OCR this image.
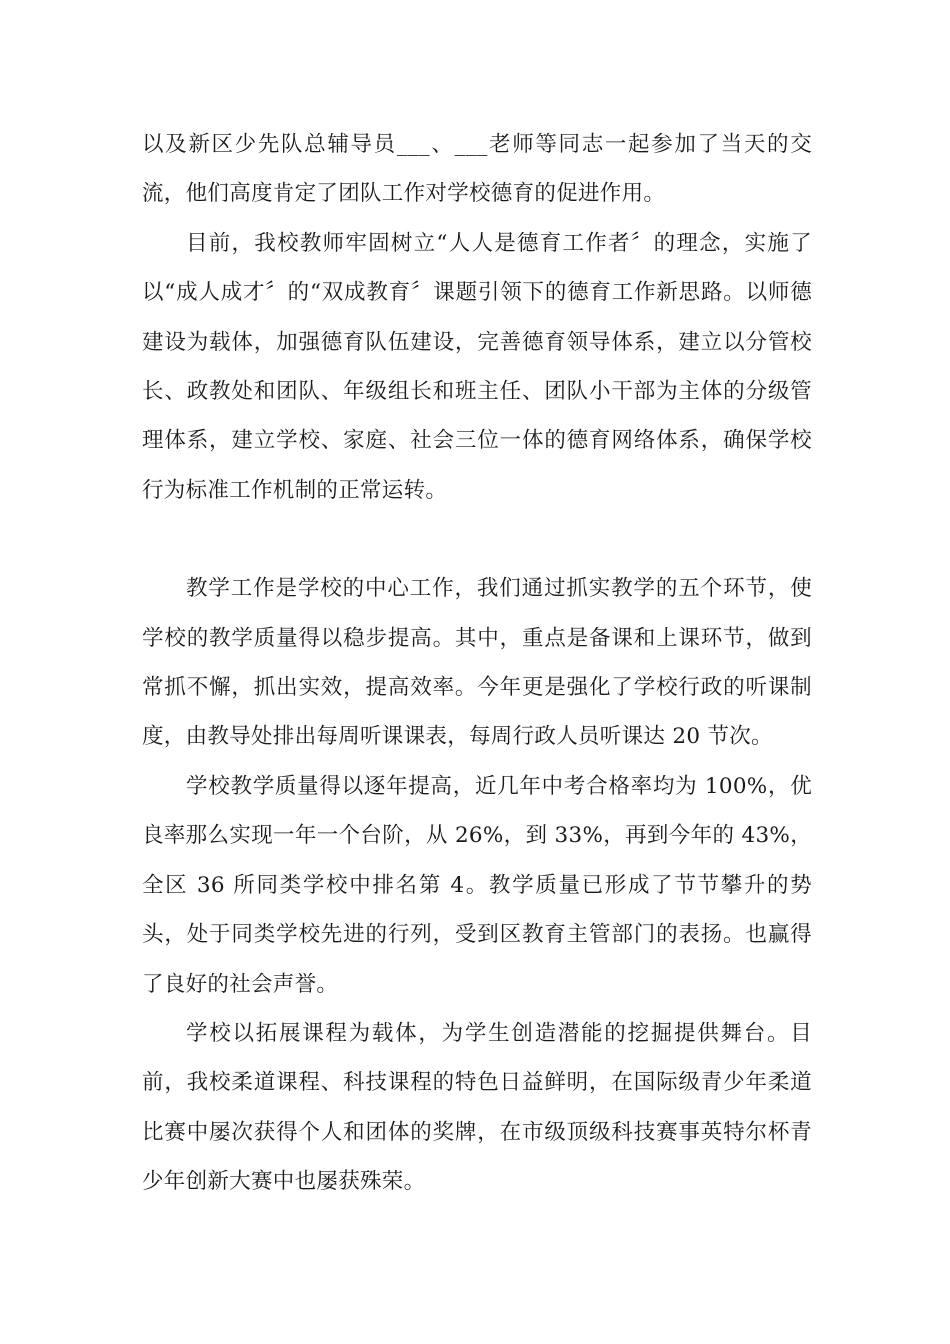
以及新区少先队总辅导员___、___老师等同志一起参加了当天的交流，他们高度肯定了团队工作对学校德育的促进作用。

目前，我校教师牢固树立“人人是德育工作者〞的理念，实施了以“成人成才〞的“双成教育〞课题引领下的德育工作新思路。以师德建设为载体，加强德育队伍建设，完善德育领导体系，建立以分管校长、政教处和团队、年级组长和班主任、团队小干部为主体的分级管理体系，建立学校、家庭、社会三位一体的德育网络体系，确保学校行为标准工作机制的正常运转。

教学工作是学校的中心工作，我们通过抓实教学的五个环节，使学校的教学质量得以稳步提高。其中，重点是备课和上课环节，做到常抓不懈，抓出实效，提高效率。今年更是强化了学校行政的听课制度，由教导处排出每周听课课表，每周行政人员听课达 20 节次。

学校教学质量得以逐年提高，近几年中考合格率均为 100%，优良率那么实现一年一个台阶，从 26%，到 33%，再到今年的 43%，全区 36 所同类学校中排名第 4。教学质量已形成了节节攀升的势头，处于同类学校先进的行列，受到区教育主管部门的表扬。也赢得了良好的社会声誉。

学校以拓展课程为载体，为学生创造潜能的挖掘提供舞台。目前，我校柔道课程、科技课程的特色日益鲜明，在国际级青少年柔道比赛中屡次获得个人和团体的奖牌，在市级顶级科技赛事英特尔杯青少年创新大赛中也屡获殊荣。
